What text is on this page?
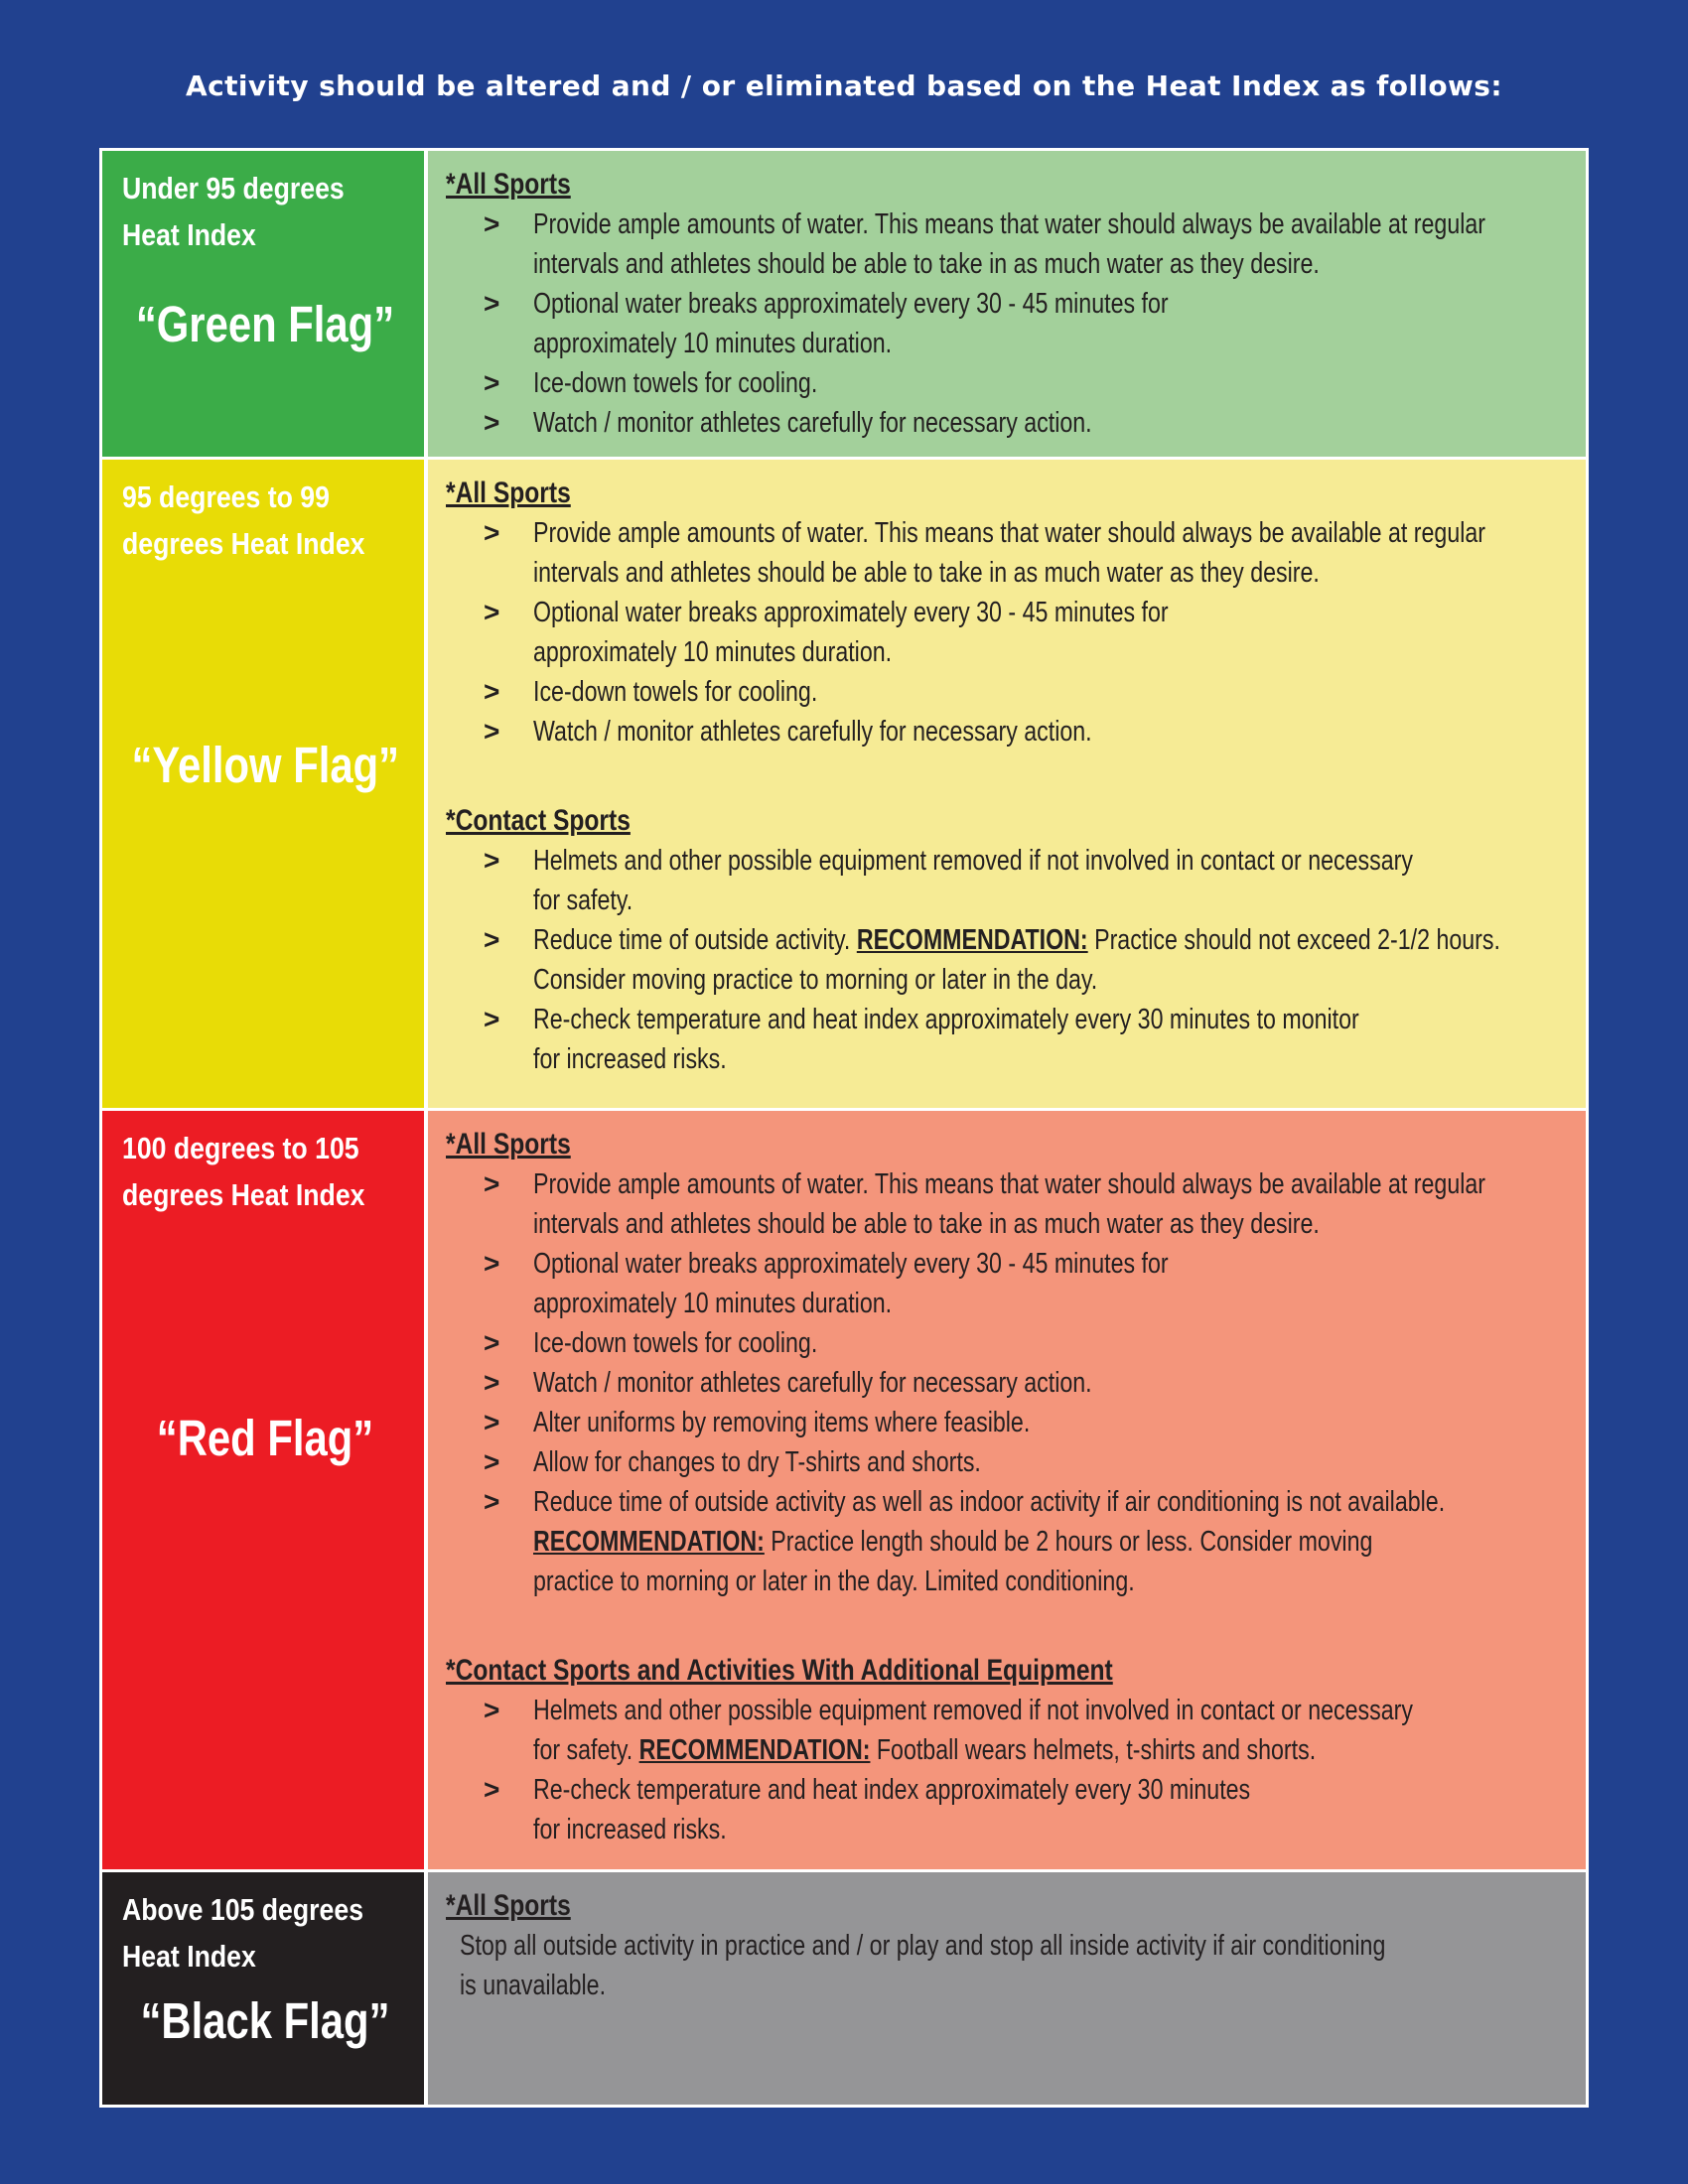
Activity should be altered and / or eliminated based on the Heat Index as follows:
Under 95 degrees
Heat Index
“Green Flag”
*All Sports
> Provide ample amounts of water. This means that water should always be available at regular
intervals and athletes should be able to take in as much water as they desire.
> Optional water breaks approximately every 30 - 45 minutes for
approximately 10 minutes duration.
> Ice-down towels for cooling.
> Watch / monitor athletes carefully for necessary action.
95 degrees to 99
degrees Heat Index
“Yellow Flag”
*All Sports
> Provide ample amounts of water. This means that water should always be available at regular
intervals and athletes should be able to take in as much water as they desire.
> Optional water breaks approximately every 30 - 45 minutes for
approximately 10 minutes duration.
> Ice-down towels for cooling.
> Watch / monitor athletes carefully for necessary action.
*Contact Sports
> Helmets and other possible equipment removed if not involved in contact or necessary
for safety.
> Reduce time of outside activity. RECOMMENDATION: Practice should not exceed 2-1/2 hours.
Consider moving practice to morning or later in the day.
> Re-check temperature and heat index approximately every 30 minutes to monitor
for increased risks.
100 degrees to 105
degrees Heat Index
“Red Flag”
*All Sports
> Provide ample amounts of water. This means that water should always be available at regular
intervals and athletes should be able to take in as much water as they desire.
> Optional water breaks approximately every 30 - 45 minutes for
approximately 10 minutes duration.
> Ice-down towels for cooling.
> Watch / monitor athletes carefully for necessary action.
> Alter uniforms by removing items where feasible.
> Allow for changes to dry T-shirts and shorts.
> Reduce time of outside activity as well as indoor activity if air conditioning is not available.
RECOMMENDATION: Practice length should be 2 hours or less. Consider moving
practice to morning or later in the day. Limited conditioning.
*Contact Sports and Activities With Additional Equipment
> Helmets and other possible equipment removed if not involved in contact or necessary
for safety. RECOMMENDATION: Football wears helmets, t-shirts and shorts.
> Re-check temperature and heat index approximately every 30 minutes
for increased risks.
Above 105 degrees
Heat Index
“Black Flag”
*All Sports
Stop all outside activity in practice and / or play and stop all inside activity if air conditioning
is unavailable.
